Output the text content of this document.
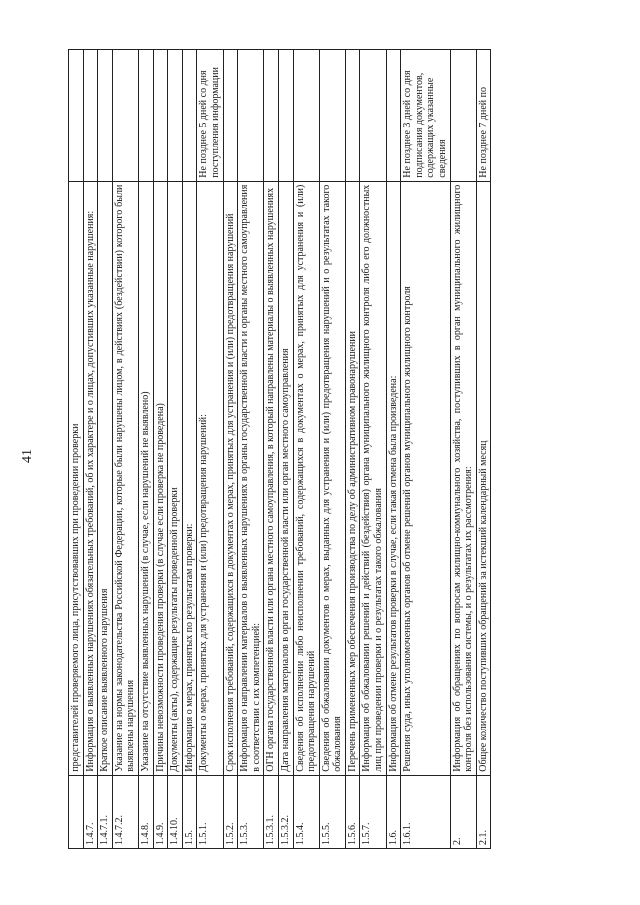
41
		представителей проверяемого лица, присутствовавших при проведении проверки	
1.4.7.	Информация о выявленных нарушениях обязательных требований, об их характере и о лицах, допустивших указанные нарушения:	
1.4.7.1.	Краткое описание выявленного нарушения	
1.4.7.2.	Указание на нормы законодательства Российской Федерации, которые были нарушены лицом, в действиях (бездействии) которого были выявлены нарушения	
1.4.8.	Указание на отсутствие выявленных нарушений (в случае, если нарушений не выявлено)	
1.4.9.	Причины невозможности проведения проверки (в случае если проверка не проведена)	
1.4.10.	Документы (акты), содержащие результаты проведенной проверки	
1.5.	Информация о мерах, принятых по результатам проверки:	
1.5.1.	Документы о мерах, принятых для устранения и (или) предотвращения нарушений:	Не позднее 5 дней со дня поступления информации
1.5.2.	Срок исполнения требований, содержащихся в документах о мерах, принятых для устранения и (или) предотвращения нарушений	
1.5.3.	Информация о направлении материалов о выявленных нарушениях в органы государственной власти и органы местного самоуправления в соответствии с их компетенцией:	
1.5.3.1.	ОГН органа государственной власти или органа местного самоуправления, в который направлены материалы о выявленных нарушениях	
1.5.3.2.	Дата направления материалов в орган государственной власти или орган местного самоуправления	
1.5.4.	Сведения об исполнении либо неисполнении требований, содержащихся в документах о мерах, принятых для устранения и (или) предотвращения нарушений	
1.5.5.	Сведения об обжаловании документов о мерах, выданных для устранения и (или) предотвращения нарушений и о результатах такого обжалования	
1.5.6.	Перечень примененных мер обеспечения производства по делу об административном правонарушении	
1.5.7.	Информация об обжаловании решений и действий (бездействия) органа муниципального жилищного контроля либо его должностных лиц при проведении проверки и о результатах такого обжалования	
1.6.	Информация об отмене результатов проверки в случае, если такая отмена была произведена:	
1.6.1.	Решения суда, иных уполномоченных органов об отмене решений органов муниципального жилищного контроля	Не позднее 3 дней со дня подписания документов, содержащих указанные сведения
2.	Информация об обращениях по вопросам жилищно-коммунального хозяйства, поступивших в орган муниципального жилищного контроля без использования системы, и о результатах их рассмотрения:	
2.1.	Общее количество поступивших обращений за истекший календарный месяц	Не позднее 7 дней по
